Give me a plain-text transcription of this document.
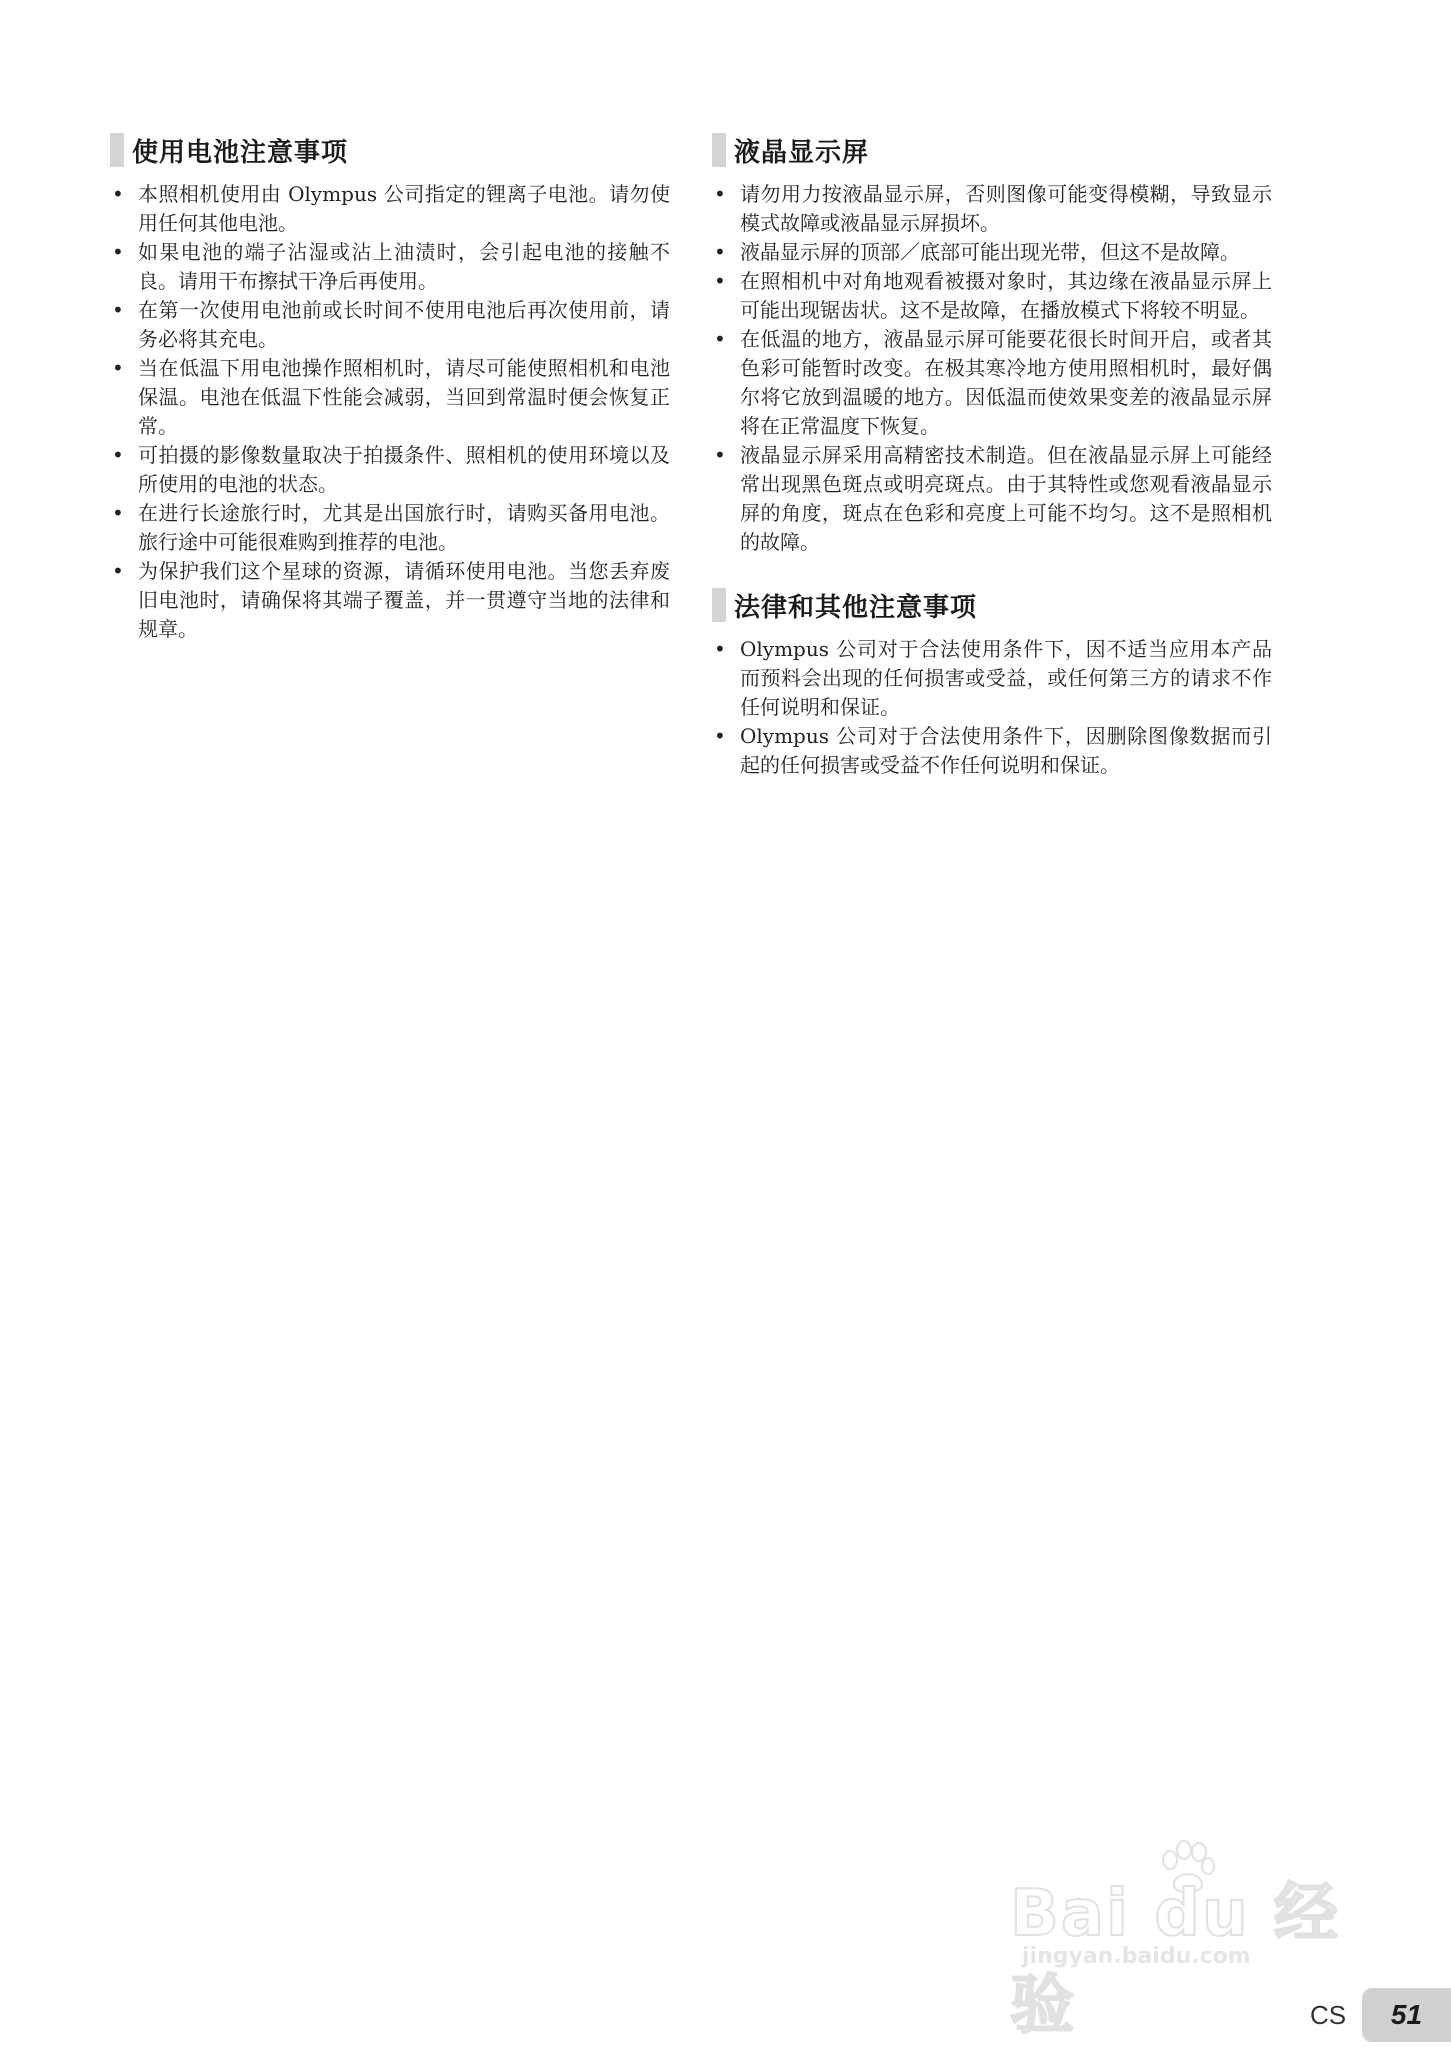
使用电池注意事项
• 本照相机使用由 Olympus 公司指定的锂离子电池。请勿使用任何其他电池。
• 如果电池的端子沾湿或沾上油渍时，会引起电池的接触不良。请用干布擦拭干净后再使用。
• 在第一次使用电池前或长时间不使用电池后再次使用前，请务必将其充电。
• 当在低温下用电池操作照相机时，请尽可能使照相机和电池保温。电池在低温下性能会减弱，当回到常温时便会恢复正常。
• 可拍摄的影像数量取决于拍摄条件、照相机的使用环境以及所使用的电池的状态。
• 在进行长途旅行时，尤其是出国旅行时，请购买备用电池。旅行途中可能很难购到推荐的电池。
• 为保护我们这个星球的资源，请循环使用电池。当您丢弃废旧电池时，请确保将其端子覆盖，并一贯遵守当地的法律和规章。
液晶显示屏
• 请勿用力按液晶显示屏，否则图像可能变得模糊，导致显示模式故障或液晶显示屏损坏。
• 液晶显示屏的顶部／底部可能出现光带，但这不是故障。
• 在照相机中对角地观看被摄对象时，其边缘在液晶显示屏上可能出现锯齿状。这不是故障，在播放模式下将较不明显。
• 在低温的地方，液晶显示屏可能要花很长时间开启，或者其色彩可能暂时改变。在极其寒冷地方使用照相机时，最好偶尔将它放到温暖的地方。因低温而使效果变差的液晶显示屏将在正常温度下恢复。
• 液晶显示屏采用高精密技术制造。但在液晶显示屏上可能经常出现黑色斑点或明亮斑点。由于其特性或您观看液晶显示屏的角度，斑点在色彩和亮度上可能不均匀。这不是照相机的故障。
法律和其他注意事项
• Olympus 公司对于合法使用条件下，因不适当应用本产品而预料会出现的任何损害或受益，或任何第三方的请求不作任何说明和保证。
• Olympus 公司对于合法使用条件下，因删除图像数据而引起的任何损害或受益不作任何说明和保证。
Bai du 经验
jingyan.baidu.com
CS 51
